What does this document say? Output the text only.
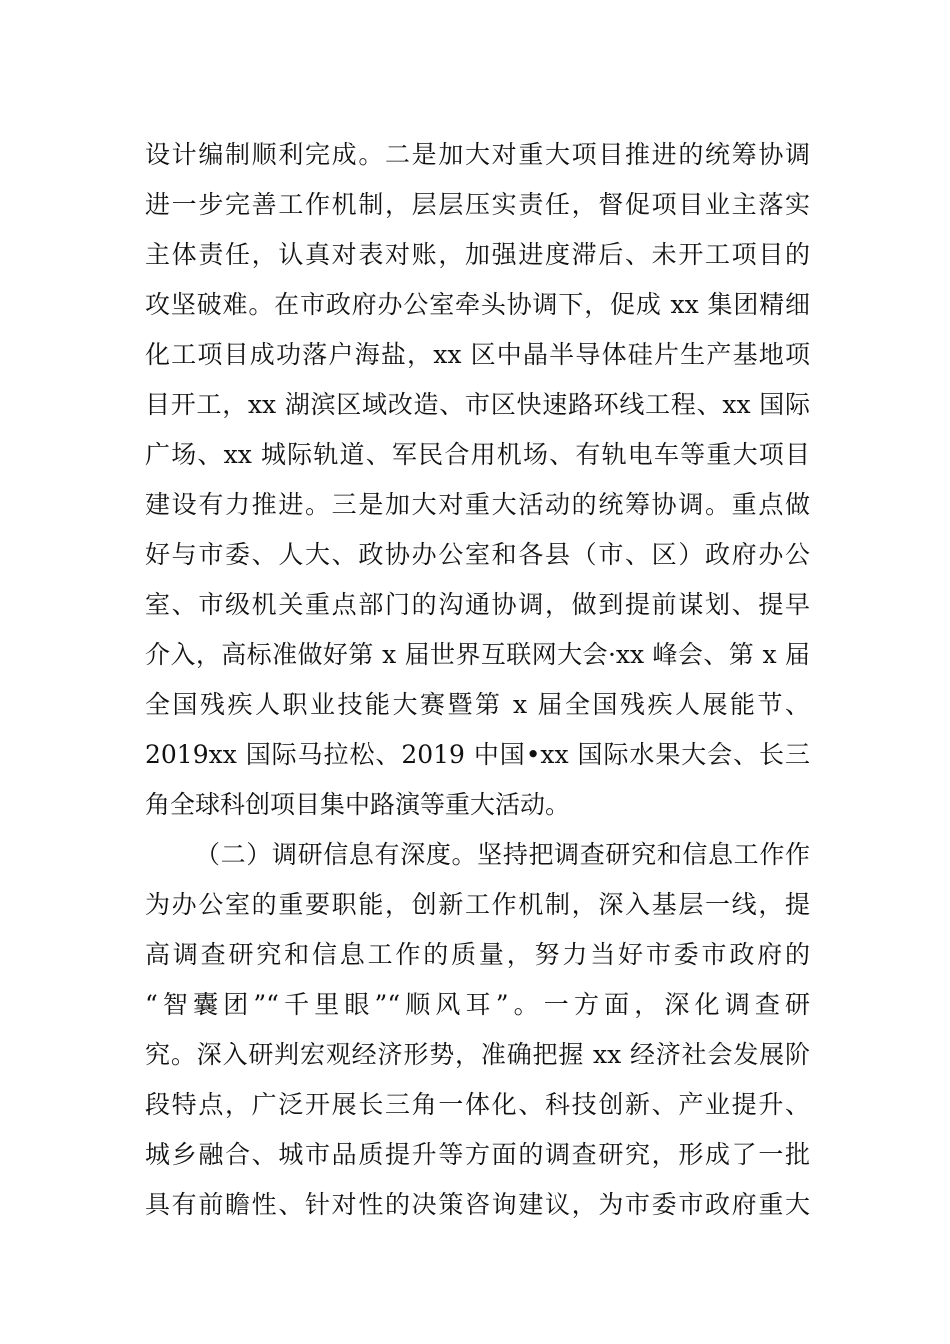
设计编制顺利完成。二是加大对重大项目推进的统筹协调
进一步完善工作机制，层层压实责任，督促项目业主落实
主体责任，认真对表对账，加强进度滞后、未开工项目的
攻坚破难。在市政府办公室牵头协调下，促成 xx 集团精细
化工项目成功落户海盐，xx 区中晶半导体硅片生产基地项
目开工，xx 湖滨区域改造、市区快速路环线工程、xx 国际
广场、xx 城际轨道、军民合用机场、有轨电车等重大项目
建设有力推进。三是加大对重大活动的统筹协调。重点做
好与市委、人大、政协办公室和各县（市、区）政府办公
室、市级机关重点部门的沟通协调，做到提前谋划、提早
介入，高标准做好第 x 届世界互联网大会·xx 峰会、第 x 届
全国残疾人职业技能大赛暨第 x 届全国残疾人展能节、
2019xx 国际马拉松、2019 中国•xx 国际水果大会、长三
角全球科创项目集中路演等重大活动。
（二）调研信息有深度。坚持把调查研究和信息工作作
为办公室的重要职能，创新工作机制，深入基层一线，提
高调查研究和信息工作的质量，努力当好市委市政府的
“智囊团”“千里眼”“顺风耳”。一方面，深化调查研
究。深入研判宏观经济形势，准确把握 xx 经济社会发展阶
段特点，广泛开展长三角一体化、科技创新、产业提升、
城乡融合、城市品质提升等方面的调查研究，形成了一批
具有前瞻性、针对性的决策咨询建议，为市委市政府重大
